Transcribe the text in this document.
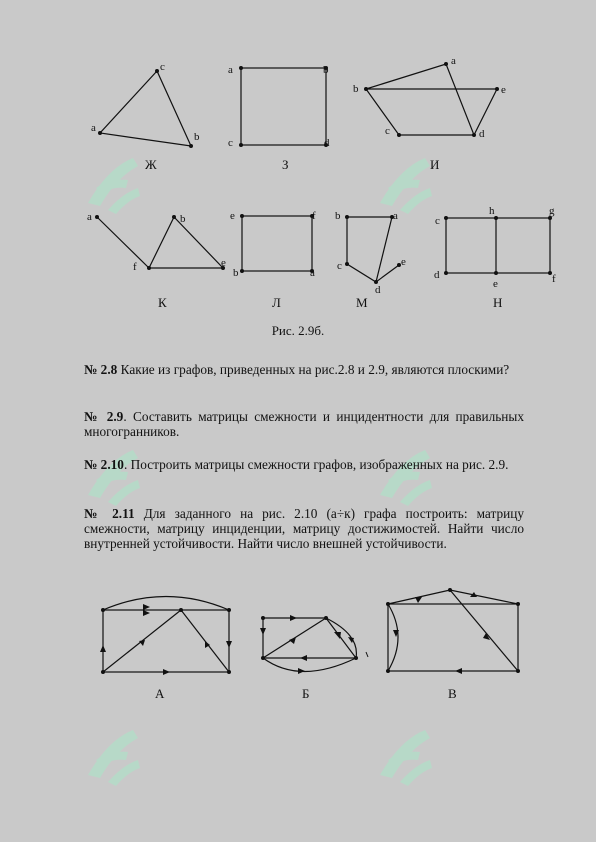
c
a
b
a	b
c	d
a
b	e
c	d
a	b
f	e
e	f
b	a
b	a
c	e
d
c
h	g
d
e	f
Ж	З	И
К	Л	М	Н
Рис. 2.9б.
№ 2.8 Какие из графов, приведенных на рис.2.8 и 2.9, являются плоскими?
№ 2.9. Составить матрицы смежности и инцидентности для правильных многогранников.
№ 2.10. Построить матрицы смежности графов, изображенных на рис. 2.9.
№ 2.11 Для заданного на рис. 2.10 (а÷к) графа построить: матрицу смежности, матрицу инциденции, матрицу достижимостей. Найти число внутренней устойчивости. Найти число внешней устойчивости.
А	Б	В
